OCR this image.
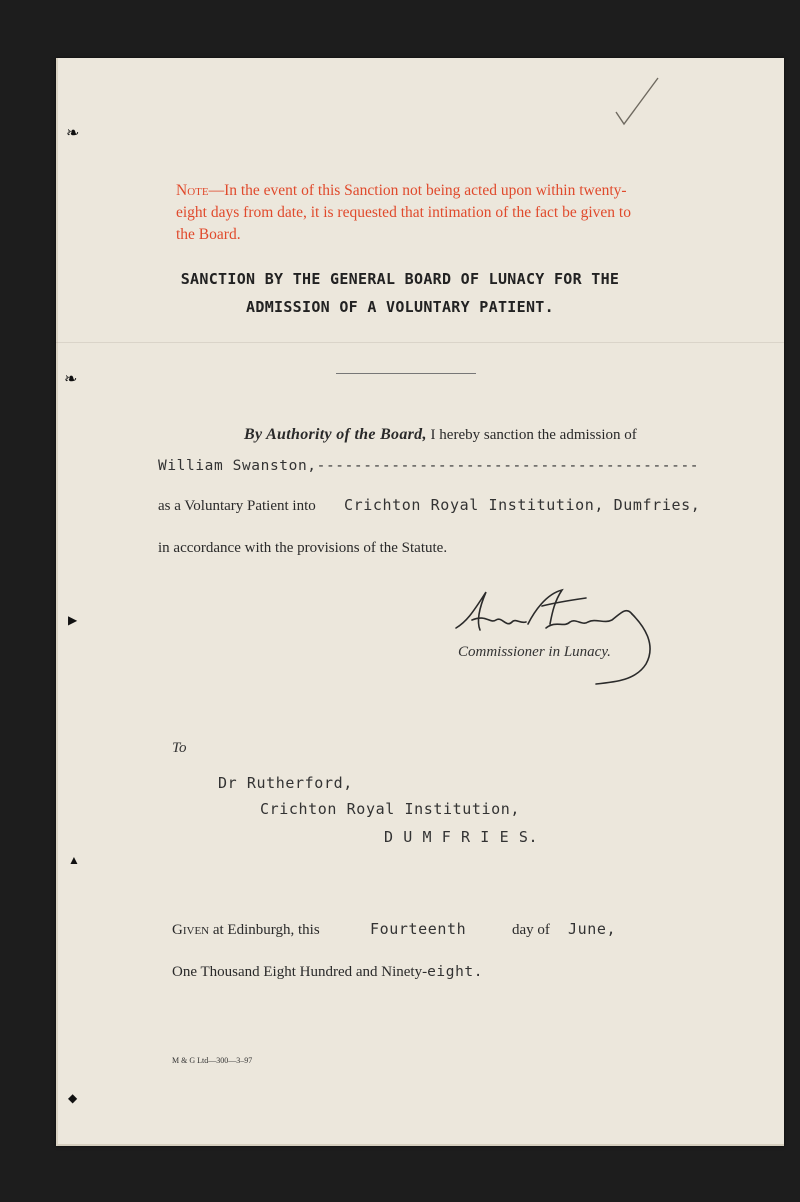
❧
❧
▶
▲
◆
Note—In the event of this Sanction not being acted upon within twenty-eight days from date, it is requested that intimation of the fact be given to the Board.
SANCTION BY THE GENERAL BOARD OF LUNACY FOR THE
ADMISSION OF A VOLUNTARY PATIENT.
By Authority of the Board, I hereby sanction the admission of
William Swanston,-----------------------------------------
as a Voluntary Patient into Crichton Royal Institution, Dumfries,
in accordance with the provisions of the Statute.
Commissioner in Lunacy.
To
Dr Rutherford,
Crichton Royal Institution,
D U M F R I E S.
Given at Edinburgh, this	Fourteenth	day of June,
One Thousand Eight Hundred and Ninety-eight.
M & G Ltd—300—3–97
